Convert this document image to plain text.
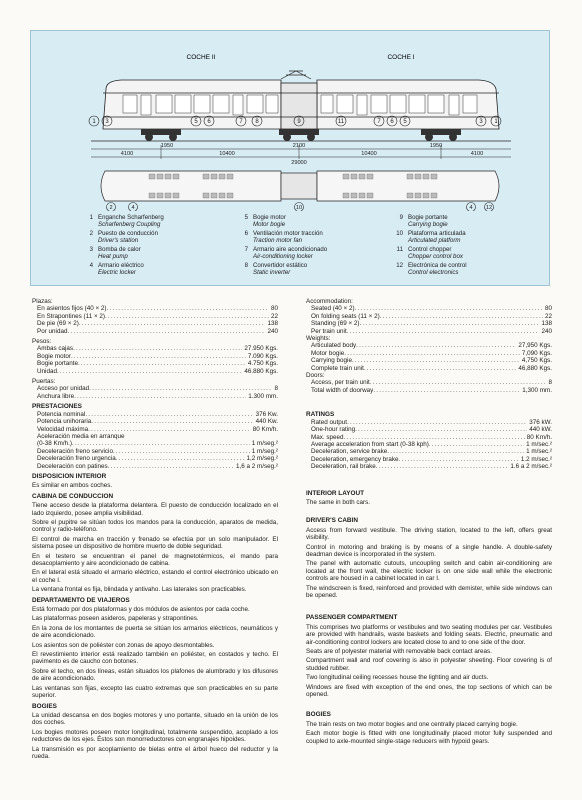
COCHE II	COCHE I
1 3	5 6	7 8	9	11	7 6 5	3 1
1950	1950
4100	4100
10400	10400
2100
29000
2	4	10	4 12
1 Enganche Scharfenberg
Scharfenberg Coupling
2 Puesto de conducción
Driver's station
3 Bomba de calor
Heat pump
4 Armario eléctrico
Electric locker
5 Bogie motor
Motor bogie
6 Ventilación motor tracción
Traction motor fan
7 Armario aire acondicionado
Air-conditioning locker
8 Convertidor estático
Static inverter
9 Bogie portante
Carrying bogie
10 Plataforma articulada
Articulated platform
11 Control chopper
Chopper control box
12 Electrónica de control
Control electronics
Plazas:
En asientos fijos (40 × 2) .....	80
En Strapontines (11 × 2) .....	22
De pie (69 × 2) .....	138
Por unidad .....	240
Pesos:
Ambas cajas .....	27.950 Kgs.
Bogie motor .....	7.090 Kgs.
Bogie portante .....	4.750 Kgs.
Unidad .....	46.880 Kgs.
Puertas:
Acceso por unidad .....	8
Anchura libre .....	1.300 mm.
PRESTACIONES
Potencia nominal .....	376 Kw.
Potencia unihoraria .....	440 Kw.
Velocidad máxima .....	80 Km/h.
Aceleración media en arranque
(0-38 Km/h.) .....	1 m/seg.²
Deceleración freno servicio .....	1 m/seg.²
Deceleración freno urgencia .....	1,2 m/seg.²
Deceleración con patines .....	1,6 a 2 m/seg.²
DISPOSICION INTERIOR

Es similar en ambos coches.

CABINA DE CONDUCCION

Tiene acceso desde la plataforma delantera. El puesto de conducción localizado en el lado izquierdo, posee amplia visibilidad.

Sobre el pupitre se sitúan todos los mandos para la conducción, aparatos de medida, control y radio-teléfono.

El control de marcha en tracción y frenado se efectúa por un solo manipulador. El sistema posee un dispositivo de hombre muerto de doble seguridad.

En el testero se encuentran el panel de magnetotérmicos, el mando para desacoplamiento y aire acondicionado de cabina.

En el lateral está situado el armario eléctrico, estando el control electrónico ubicado en el coche I.

La ventana frontal es fija, blindada y antivaho. Las laterales son practicables.

DEPARTAMENTO DE VIAJEROS

Está formado por dos plataformas y dos módulos de asientos por cada coche.

Las plataformas poseen asideros, papeleras y strapontines.

En la zona de los montantes de puerta se sitúan los armarios eléctricos, neumáticos y de aire acondicionado.

Los asientos son de poliéster con zonas de apoyo desmontables.

El revestimiento interior está realizado también en poliéster, en costados y techo. El pavimento es de caucho con botones.

Sobre el techo, en dos líneas, están situados los plafones de alumbrado y los difusores de aire acondicionado.

Las ventanas son fijas, excepto las cuatro extremas que son practicables en su parte superior.

BOGIES

La unidad descansa en dos bogies motores y uno portante, situado en la unión de los dos coches.

Los bogies motores poseen motor longitudinal, totalmente suspendido, acoplado a los reductores de los ejes. Éstos son monorreductores con engranajes hipoides.

La transmisión es por acoplamiento de bielas entre el árbol hueco del reductor y la rueda.

Accommodation:
Seated (40 × 2) .....	80
On folding seats (11 × 2) .....	22
Standing (69 × 2) .....	138
Per train unit .....	240
Weights:
Articulated body .....	27,950 Kgs.
Motor bogie .....	7,090 Kgs.
Carrying bogie .....	4,750 Kgs.
Complete train unit .....	46,880 Kgs.
Doors:
Access, per train unit .....	8
Total width of doorway .....	1,300 mm.
RATINGS
Rated output .....	376 kW.
One-hour rating .....	440 kW.
Max. speed .....	80 Km/h.
Average acceleration from start (0-38 kph) .....	1 m/sec.²
Deceleration, service brake .....	1 m/sec.²
Deceleration, emergency brake .....	1.2 m/sec.²
Deceleration, rail brake .....	1.6 a 2 m/sec.²
INTERIOR LAYOUT

The same in both cars.

DRIVER'S CABIN

Access from forward vestibule. The driving station, located to the left, offers great visibility.

Control in motoring and braking is by means of a single handle. A double-safety deadman device is incorporated in the system.

The panel with automatic cutouts, uncoupling switch and cabin air-conditioning are located at the front wall, the electric locker is on one side wall while the electronic controls are housed in a cabinet located in car I.

The windscreen is fixed, reinforced and provided with demister, while side windows can be opened.

PASSENGER COMPARTMENT

This comprises two platforms or vestibules and two seating modules per car. Vestibules are provided with handrails, waste baskets and folding seats. Electric, pneumatic and air-conditioning control lockers are located close to and to one side of the door.

Seats are of polyester material with removable back contact areas.

Compartment wall and roof covering is also in polyester sheeting. Floor covering is of studded rubber.

Two longitudinal ceiling recesses house the lighting and air ducts.

Windows are fixed with exception of the end ones, the top sections of which can be opened.

BOGIES

The train rests on two motor bogies and one centrally placed carrying bogie.

Each motor bogie is fitted with one longitudinally placed motor fully suspended and coupled to axle-mounted single-stage reducers with hypoid gears.
